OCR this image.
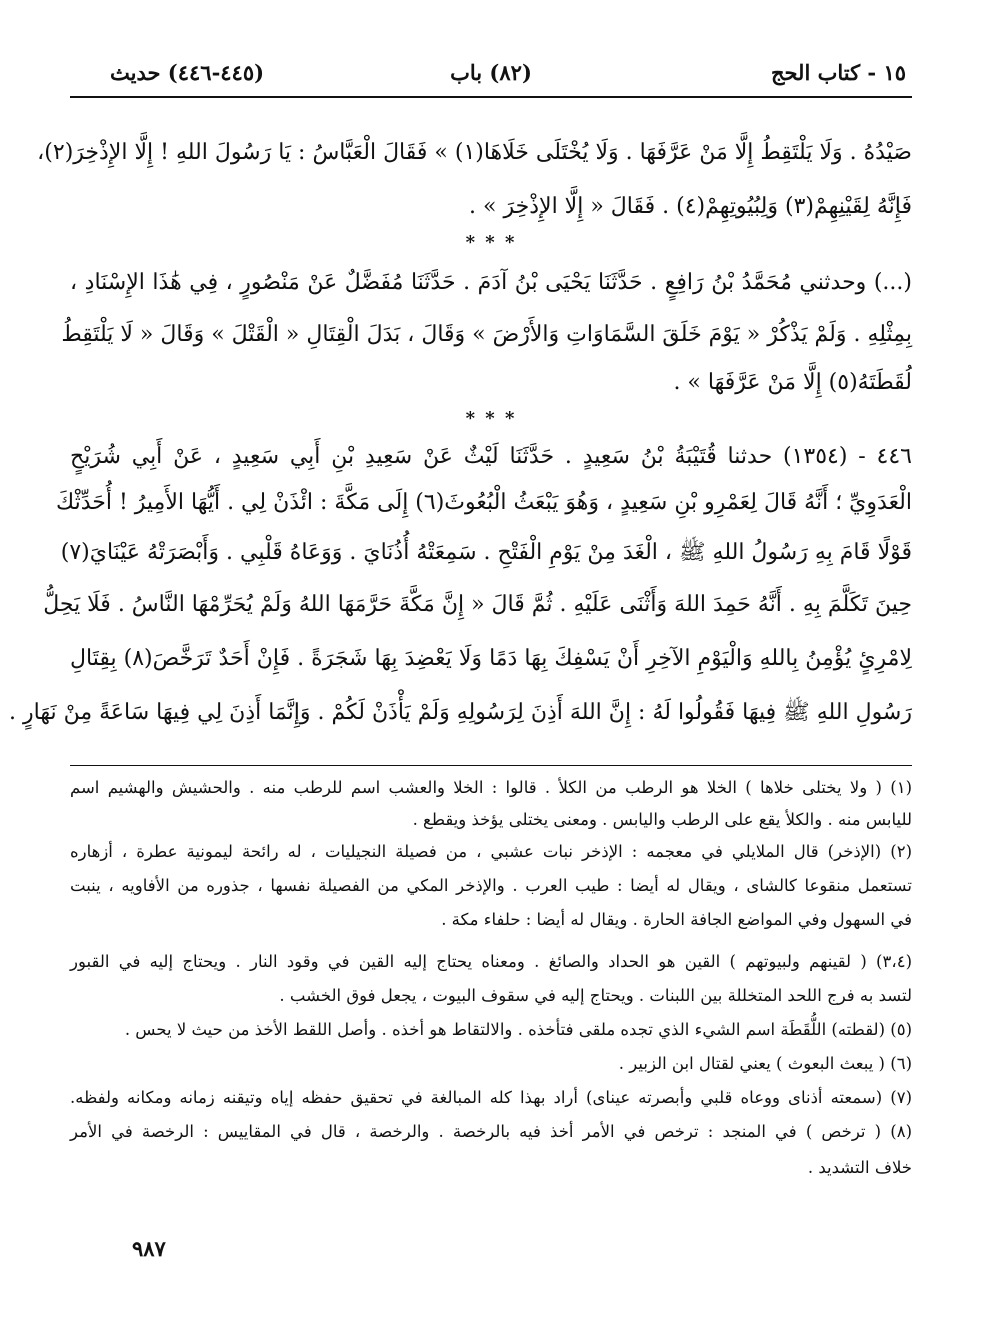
١٥ - كتاب الحج
(٨٢) باب
(٤٤٥-٤٤٦) حديث
صَيْدُهُ . وَلَا يَلْتَقِطُ إِلَّا مَنْ عَرَّفَهَا . وَلَا يُخْتَلَى خَلَاهَا(١) » فَقَالَ الْعَبَّاسُ : يَا رَسُولَ اللهِ ! إِلَّا الإِذْخِرَ(٢)،
فَإِنَّهُ لِقَيْنِهِمْ(٣) وَلِبُيُوتِهِمْ(٤) . فَقَالَ « إِلَّا الإِذْخِرَ » .
* * *
(...) وحدثني مُحَمَّدُ بْنُ رَافِعٍ . حَدَّثَنَا يَحْيَى بْنُ آدَمَ . حَدَّثَنَا مُفَضَّلٌ عَنْ مَنْصُورٍ ، فِي هَٰذَا الإِسْنَادِ ،
بِمِثْلِهِ . وَلَمْ يَذْكُرْ « يَوْمَ خَلَقَ السَّمَاوَاتِ وَالأَرْضَ » وَقَالَ ، بَدَلَ الْقِتَالِ « الْقَتْلَ » وَقَالَ « لَا يَلْتَقِطُ
لُقَطَتَهُ(٥) إِلَّا مَنْ عَرَّفَهَا » .
* * *
٤٤٦ - (١٣٥٤) حدثنا قُتَيْبَةُ بْنُ سَعِيدٍ . حَدَّثَنَا لَيْثٌ عَنْ سَعِيدِ بْنِ أَبِي سَعِيدٍ ، عَنْ أَبِي شُرَيْحٍ
الْعَدَوِيِّ ؛ أَنَّهُ قَالَ لِعَمْرِو بْنِ سَعِيدٍ ، وَهُوَ يَبْعَثُ الْبُعُوثَ(٦) إِلَى مَكَّةَ : ائْذَنْ لِي . أَيُّهَا الأَمِيرُ ! أُحَدِّثْكَ
قَوْلًا قَامَ بِهِ رَسُولُ اللهِ ﷺ ، الْغَدَ مِنْ يَوْمِ الْفَتْحِ . سَمِعَتْهُ أُذُنَايَ . وَوَعَاهُ قَلْبِي . وَأَبْصَرَتْهُ عَيْنَايَ(٧)
حِينَ تَكَلَّمَ بِهِ . أَنَّهُ حَمِدَ اللهَ وَأَثْنَى عَلَيْهِ . ثُمَّ قَالَ « إِنَّ مَكَّةَ حَرَّمَهَا اللهُ وَلَمْ يُحَرِّمْهَا النَّاسُ . فَلَا يَحِلُّ
لِامْرِئٍ يُؤْمِنُ بِاللهِ وَالْيَوْمِ الآخِرِ أَنْ يَسْفِكَ بِهَا دَمًا وَلَا يَعْضِدَ بِهَا شَجَرَةً . فَإِنْ أَحَدٌ تَرَخَّصَ(٨) بِقِتَالِ
رَسُولِ اللهِ ﷺ فِيهَا فَقُولُوا لَهُ : إِنَّ اللهَ أَذِنَ لِرَسُولِهِ وَلَمْ يَأْذَنْ لَكُمْ . وَإِنَّمَا أَذِنَ لِي فِيهَا سَاعَةً مِنْ نَهَارٍ .
(١) ( ولا يختلى خلاها ) الخلا هو الرطب من الكلأ . قالوا : الخلا والعشب اسم للرطب منه . والحشيش والهشيم اسم
لليابس منه . والكلأ يقع على الرطب واليابس . ومعنى يختلى يؤخذ ويقطع .
(٢) (الإذخر) قال الملايلي في معجمه : الإذخر نبات عشبي ، من فصيلة النجيليات ، له رائحة ليمونية عطرة ، أزهاره
تستعمل منقوعا كالشاى ، ويقال له أيضا : طيب العرب . والإذخر المكي من الفصيلة نفسها ، جذوره من الأفاويه ، ينبت
في السهول وفي المواضع الجافة الحارة . ويقال له أيضا : حلفاء مكة .
(٣،٤) ( لقينهم ولبيوتهم ) القين هو الحداد والصائغ . ومعناه يحتاج إليه القين في وقود النار . ويحتاج إليه في القبور
لتسد به فرج اللحد المتخللة بين اللبنات . ويحتاج إليه في سقوف البيوت ، يجعل فوق الخشب .
(٥) (لقطته) اللُّقَطَة اسم الشيء الذي تجده ملقى فتأخذه . والالتقاط هو أخذه . وأصل اللقط الأخذ من حيث لا يحس .
(٦) ( يبعث البعوث ) يعني لقتال ابن الزبير .
(٧) (سمعته أذناى ووعاه قلبي وأبصرته عيناى) أراد بهذا كله المبالغة في تحقيق حفظه إياه وتيقنه زمانه ومكانه ولفظه.
(٨) ( ترخص ) في المنجد : ترخص في الأمر أخذ فيه بالرخصة . والرخصة ، قال في المقاييس : الرخصة في الأمر
خلاف التشديد .
٩٨٧
